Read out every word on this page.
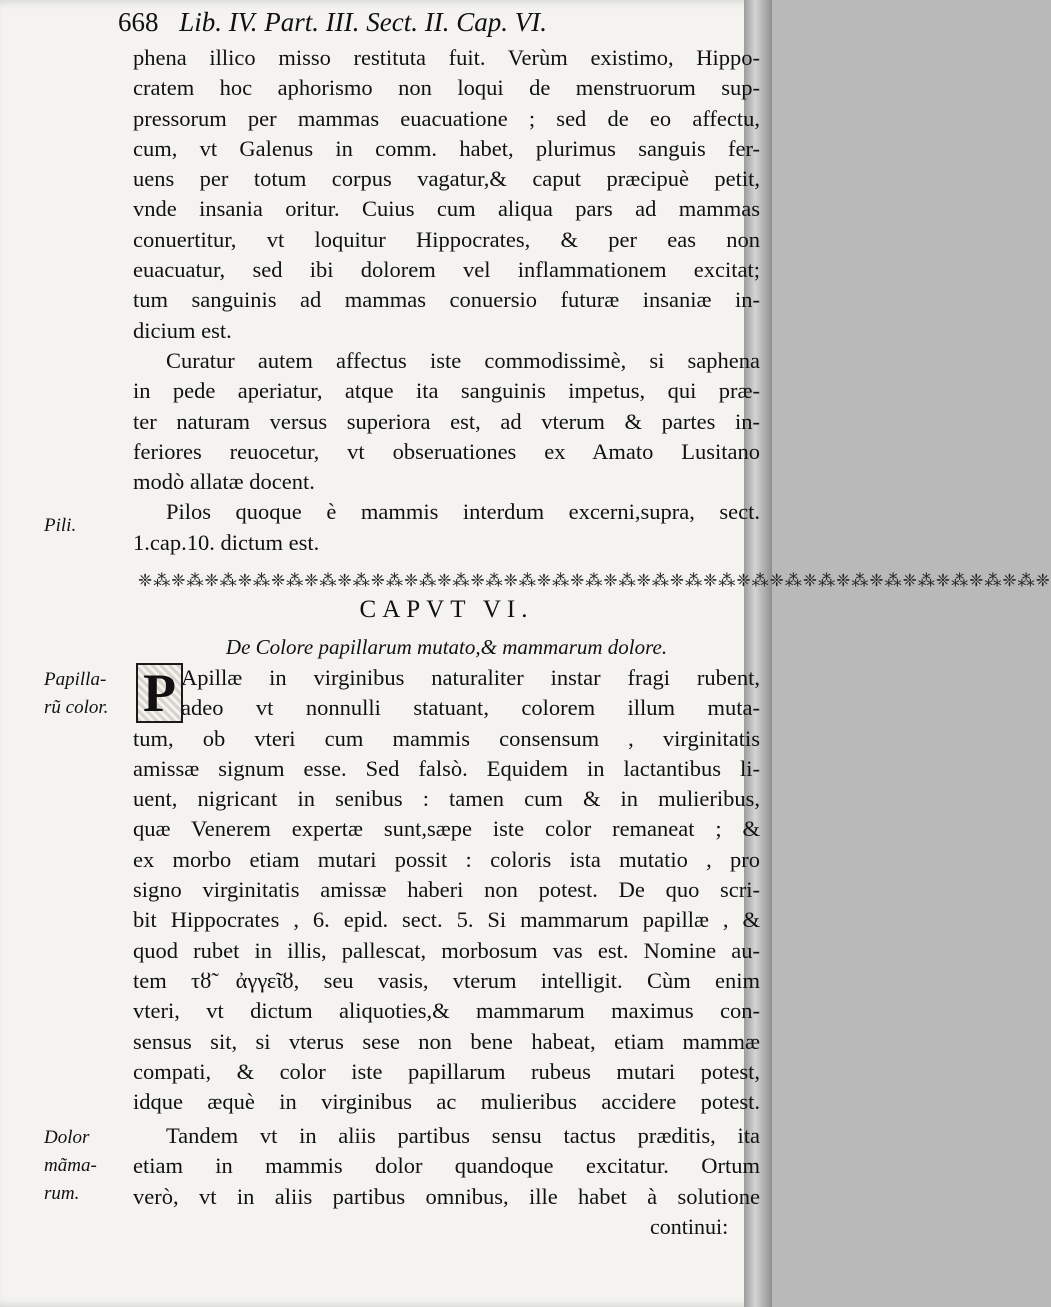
668 Lib. IV. Part. III. Sect. II. Cap. VI.
phena illico misso restituta fuit. Verùm existimo, Hippo-
cratem hoc aphorismo non loqui de menstruorum sup-
pressorum per mammas euacuatione ; sed de eo affectu,
cum, vt Galenus in comm. habet, plurimus sanguis fer-
uens per totum corpus vagatur,& caput præcipuè petit,
vnde insania oritur. Cuius cum aliqua pars ad mammas
conuertitur, vt loquitur Hippocrates, & per eas non
euacuatur, sed ibi dolorem vel inflammationem excitat;
tum sanguinis ad mammas conuersio futuræ insaniæ in-
dicium est.
Curatur autem affectus iste commodissimè, si saphena
in pede aperiatur, atque ita sanguinis impetus, qui præ-
ter naturam versus superiora est, ad vterum & partes in-
feriores reuocetur, vt obseruationes ex Amato Lusitano
modò allatæ docent.
Pilos quoque è mammis interdum excerni,supra, sect.
1.cap.10. dictum est.
❈⁂❈⁂❈⁂❈⁂❈⁂❈⁂❈⁂❈⁂❈⁂❈⁂❈⁂❈⁂❈⁂❈⁂❈⁂❈⁂❈⁂❈⁂❈⁂❈⁂❈⁂❈⁂❈⁂❈⁂❈⁂❈⁂❈⁂❈
CAPVT VI.
De Colore papillarum mutato,& mammarum dolore.
P Apillæ in virginibus naturaliter instar fragi rubent,
adeo vt nonnulli statuant, colorem illum muta-
tum, ob vteri cum mammis consensum , virginitatis
amissæ signum esse. Sed falsò. Equidem in lactantibus li-
uent, nigricant in senibus : tamen cum & in mulieribus,
quæ Venerem expertæ sunt,sæpe iste color remaneat ; &
ex morbo etiam mutari possit : coloris ista mutatio , pro
signo virginitatis amissæ haberi non potest. De quo scri-
bit Hippocrates , 6. epid. sect. 5. Si mammarum papillæ , &
quod rubet in illis, pallescat, morbosum vas est. Nomine au-
tem τȣ̃ ἀγγεῖȣ, seu vasis, vterum intelligit. Cùm enim
vteri, vt dictum aliquoties,& mammarum maximus con-
sensus sit, si vterus sese non bene habeat, etiam mammæ
compati, & color iste papillarum rubeus mutari potest,
idque æquè in virginibus ac mulieribus accidere potest.
Tandem vt in aliis partibus sensu tactus præditis, ita
etiam in mammis dolor quandoque excitatur. Ortum
verò, vt in aliis partibus omnibus, ille habet à solutione
continui:
Pili.
Papilla-
rũ color.
Dolor
mãma-
rum.
